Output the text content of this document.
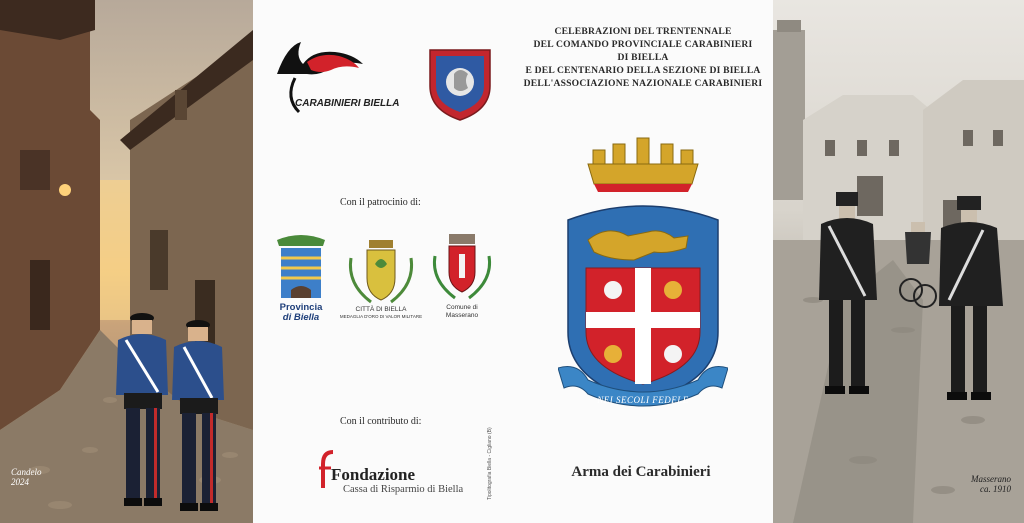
Candelo
2024
CARABINIERI BIELLA
CELEBRAZIONI DEL TRENTENNALE
DEL COMANDO PROVINCIALE CARABINIERI
DI BIELLA
E DEL CENTENARIO DELLA SEZIONE DI BIELLA
DELL'ASSOCIAZIONE NAZIONALE CARABINIERI
Con il patrocinio di:
Provincia
di Biella
CITTÀ DI BIELLA
MEDAGLIA D'ORO DI VALOR MILITARE
Comune di
Masserano
Con il contributo di:
Fondazione
Cassa di Risparmio di Biella	Tipolitografia Biella - Cigliano (B)
NEI SECOLI FEDELE
Arma dei Carabinieri	Masserano
ca. 1910
